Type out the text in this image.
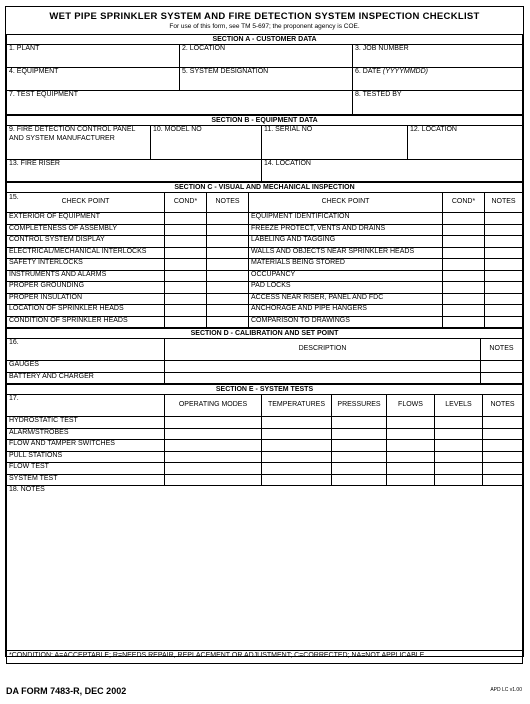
WET PIPE SPRINKLER SYSTEM AND FIRE DETECTION SYSTEM INSPECTION CHECKLIST
For use of this form, see TM 5-697; the proponent agency is COE.
SECTION A - CUSTOMER DATA		
1. PLANT	2. LOCATION	3. JOB NUMBER
4. EQUIPMENT	5. SYSTEM DESIGNATION	6. DATE (YYYYMMDD)
7. TEST EQUIPMENT		8. TESTED BY
SECTION B - EQUIPMENT DATA			

9. FIRE DETECTION CONTROL PANEL
AND SYSTEM MANUFACTURER	10. MODEL NO	11. SERIAL NO	12. LOCATION
13. FIRE RISER		14. LOCATION	
SECTION C - VISUAL AND MECHANICAL INSPECTION					

15.
CHECK POINT	COND*	NOTES	CHECK POINT	COND*	NOTES
EXTERIOR OF EQUIPMENT			EQUIPMENT IDENTIFICATION		
COMPLETENESS OF ASSEMBLY			FREEZE PROTECT, VENTS AND DRAINS		
CONTROL SYSTEM DISPLAY			LABELING AND TAGGING		
ELECTRICAL/MECHANICAL INTERLOCKS			WALLS AND OBJECTS NEAR SPRINKLER HEADS		
SAFETY INTERLOCKS			MATERIALS BEING STORED		
INSTRUMENTS AND ALARMS			OCCUPANCY		
PROPER GROUNDING			PAD LOCKS		
PROPER INSULATION			ACCESS NEAR RISER, PANEL AND FDC		
LOCATION OF SPRINKLER HEADS			ANCHORAGE AND PIPE HANGERS		
CONDITION OF SPRINKLER HEADS			COMPARISON TO DRAWINGS		
SECTION D - CALIBRATION AND SET POINT		
16.	DESCRIPTION	NOTES
GAUGES		
BATTERY AND CHARGER		
SECTION E - SYSTEM TESTS						
17.	OPERATING MODES	TEMPERATURES	PRESSURES	FLOWS	LEVELS	NOTES
HYDROSTATIC TEST						
ALARM/STROBES						
FLOW AND TAMPER SWITCHES						
PULL STATIONS						
FLOW TEST						
SYSTEM TEST						
18. NOTES
*CONDITION: A=ACCEPTABLE; R=NEEDS REPAIR, REPLACEMENT OR ADJUSTMENT; C=CORRECTED; NA=NOT APPLICABLE
DA FORM 7483-R, DEC 2002	APD LC v1.00
